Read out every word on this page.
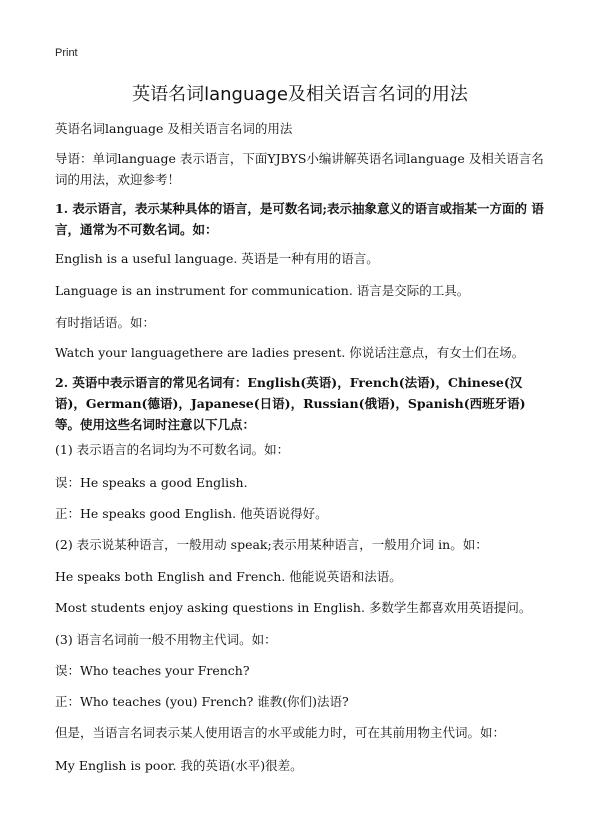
Print
英语名词language及相关语言名词的用法
英语名词language 及相关语言名词的用法
导语：单词language 表示语言，下面YJBYS小编讲解英语名词language 及相关语言名词的用法，欢迎参考！
1. 表示语言，表示某种具体的语言，是可数名词;表示抽象意义的语言或指某一方面的 语言，通常为不可数名词。如：
English is a useful language. 英语是一种有用的语言。
Language is an instrument for communication. 语言是交际的工具。
有时指话语。如：
Watch your languagethere are ladies present. 你说话注意点，有女士们在场。
2. 英语中表示语言的常见名词有：English(英语)，French(法语)，Chinese(汉语)，German(德语)，Japanese(日语)，Russian(俄语)，Spanish(西班牙语)等。使用这些名词时注意以下几点：
(1) 表示语言的名词均为不可数名词。如：
误：He speaks a good English.
正：He speaks good English. 他英语说得好。
(2) 表示说某种语言，一般用动 speak;表示用某种语言，一般用介词 in。如：
He speaks both English and French. 他能说英语和法语。
Most students enjoy asking questions in English. 多数学生都喜欢用英语提问。
(3) 语言名词前一般不用物主代词。如：
误：Who teaches your French?
正：Who teaches (you) French? 谁教(你们)法语?
但是，当语言名词表示某人使用语言的水平或能力时，可在其前用物主代词。如：
My English is poor. 我的英语(水平)很差。
